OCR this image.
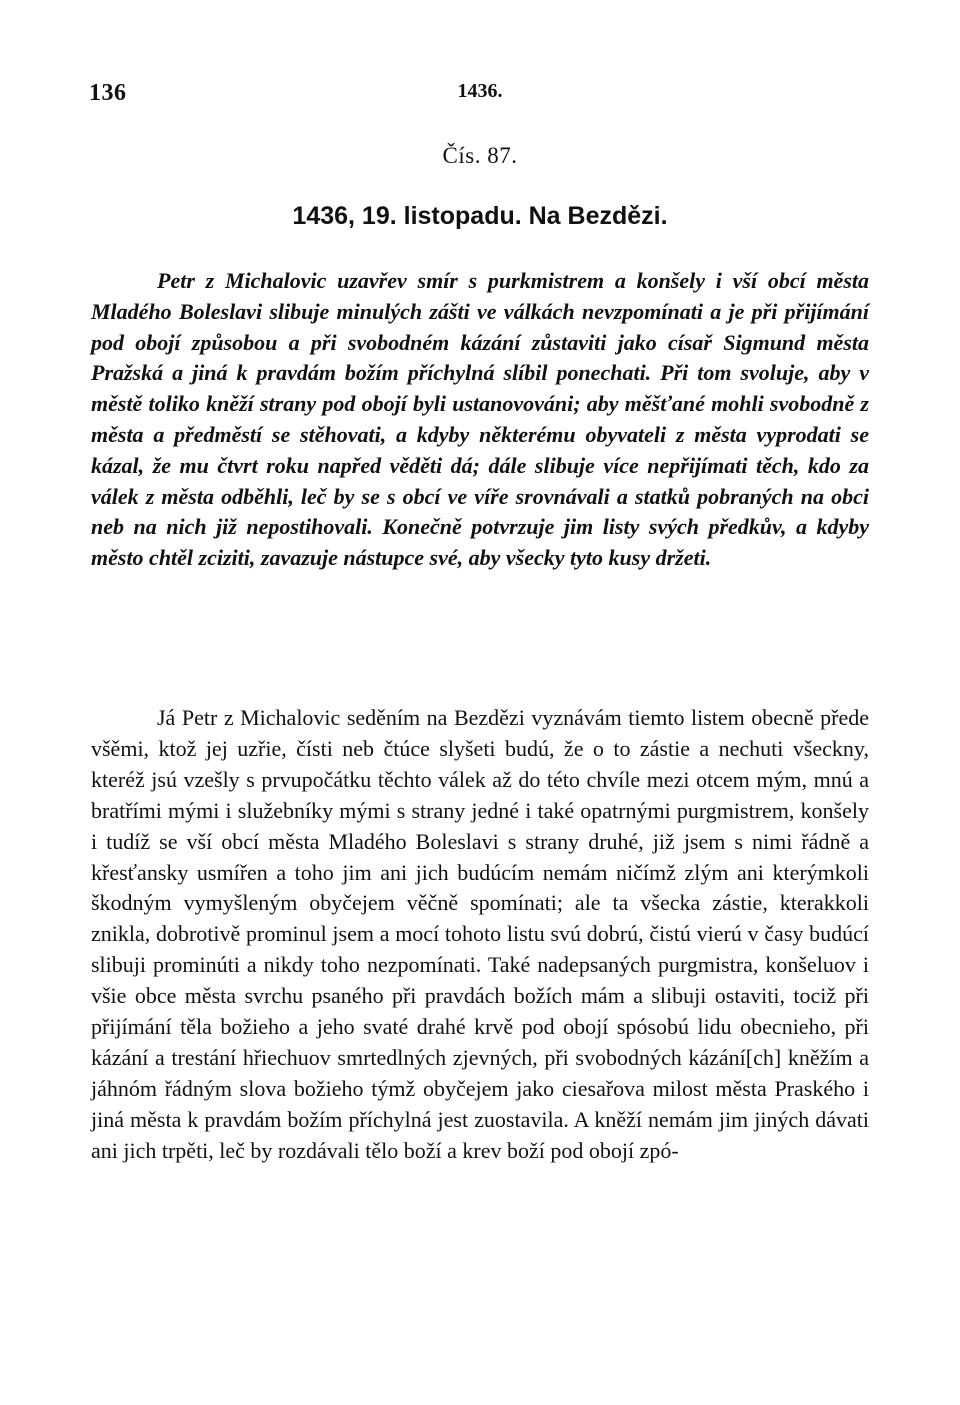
136	1436.
Čís. 87.
1436, 19. listopadu. Na Bezdězi.

Petr z Michalovic uzavřev smír s purkmistrem a konšely i vší obcí města Mladého Boleslavi slibuje minulých zášti ve válkách nevzpomínati a je při přijímání pod obojí způsobou a při svobodném kázání zůstaviti jako císař Sigmund města Pražská a jiná k pravdám božím příchylná slíbil ponechati. Při tom svoluje, aby v městě toliko kněží strany pod obojí byli ustanovováni; aby měšťané mohli svobodně z města a předměstí se stěhovati, a kdyby některému obyvateli z města vyprodati se kázal, že mu čtvrt roku napřed věděti dá; dále slibuje více nepřijímati těch, kdo za válek z města odběhli, leč by se s obcí ve víře srovnávali a statků pobraných na obci neb na nich již nepostihovali. Konečně potvrzuje jim listy svých předkův, a kdyby město chtěl zciziti, zavazuje nástupce své, aby všecky tyto kusy držeti.

Já Petr z Michalovic seděním na Bezdězi vyznávám tiemto listem obecně přede všěmi, ktož jej uzřie, čísti neb čtúce slyšeti budú, že o to zástie a nechuti všeckny, kteréž jsú vzešly s prvupočátku těchto válek až do této chvíle mezi otcem mým, mnú a bratřími mými i služebníky mými s strany jedné i také opatrnými purgmistrem, konšely i tudíž se vší obcí města Mladého Boleslavi s strany druhé, již jsem s nimi řádně a křesťansky usmířen a toho jim ani jich budúcím nemám ničímž zlým ani kterýmkoli škodným vymyšleným obyčejem věčně spomínati; ale ta všecka zástie, kterakkoli znikla, dobrotivě prominul jsem a mocí tohoto listu svú dobrú, čistú vierú v časy budúcí slibuji prominúti a nikdy toho nezpomínati. Také nadepsaných purgmistra, konšeluov i všie obce města svrchu psaného při pravdách božích mám a slibuji ostaviti, tociž při přijímání těla božieho a jeho svaté drahé krvě pod obojí spósobú lidu obecnieho, při kázání a trestání hřiechuov smrtedlných zjevných, při svobodných kázání[ch] kněžím a jáhnóm řádným slova božieho týmž obyčejem jako ciesařova milost města Praského i jiná města k pravdám božím příchylná jest zuostavila. A kněží nemám jim jiných dávati ani jich trpěti, leč by rozdávali tělo boží a krev boží pod obojí zpó-
